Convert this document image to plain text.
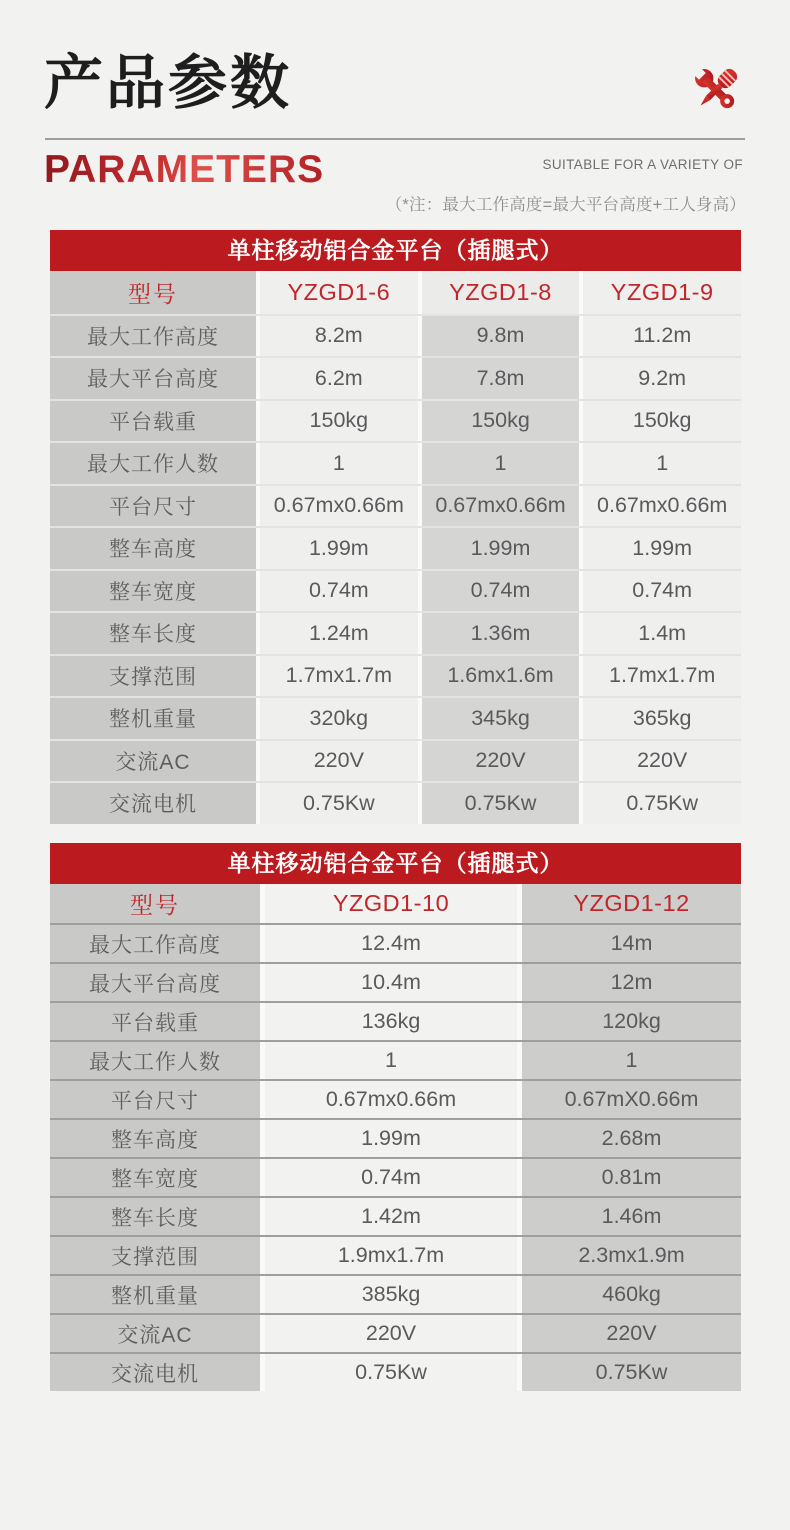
产品参数
PARAMETERS	SUITABLE FOR A VARIETY OF
（*注：最大工作高度=最大平台高度+工人身高）
单柱移动铝合金平台（插腿式）
型号	YZGD1-6	YZGD1-8	YZGD1-9
最大工作高度	8.2m	9.8m	11.2m
最大平台高度	6.2m	7.8m	9.2m
平台载重	150kg	150kg	150kg
最大工作人数	1	1	1
平台尺寸	0.67mx0.66m	0.67mx0.66m	0.67mx0.66m
整车高度	1.99m	1.99m	1.99m
整车宽度	0.74m	0.74m	0.74m
整车长度	1.24m	1.36m	1.4m
支撑范围	1.7mx1.7m	1.6mx1.6m	1.7mx1.7m
整机重量	320kg	345kg	365kg
交流AC	220V	220V	220V
交流电机	0.75Kw	0.75Kw	0.75Kw
单柱移动铝合金平台（插腿式）
型号	YZGD1-10	YZGD1-12
最大工作高度	12.4m	14m
最大平台高度	10.4m	12m
平台载重	136kg	120kg
最大工作人数	1	1
平台尺寸	0.67mx0.66m	0.67mX0.66m
整车高度	1.99m	2.68m
整车宽度	0.74m	0.81m
整车长度	1.42m	1.46m
支撑范围	1.9mx1.7m	2.3mx1.9m
整机重量	385kg	460kg
交流AC	220V	220V
交流电机	0.75Kw	0.75Kw
